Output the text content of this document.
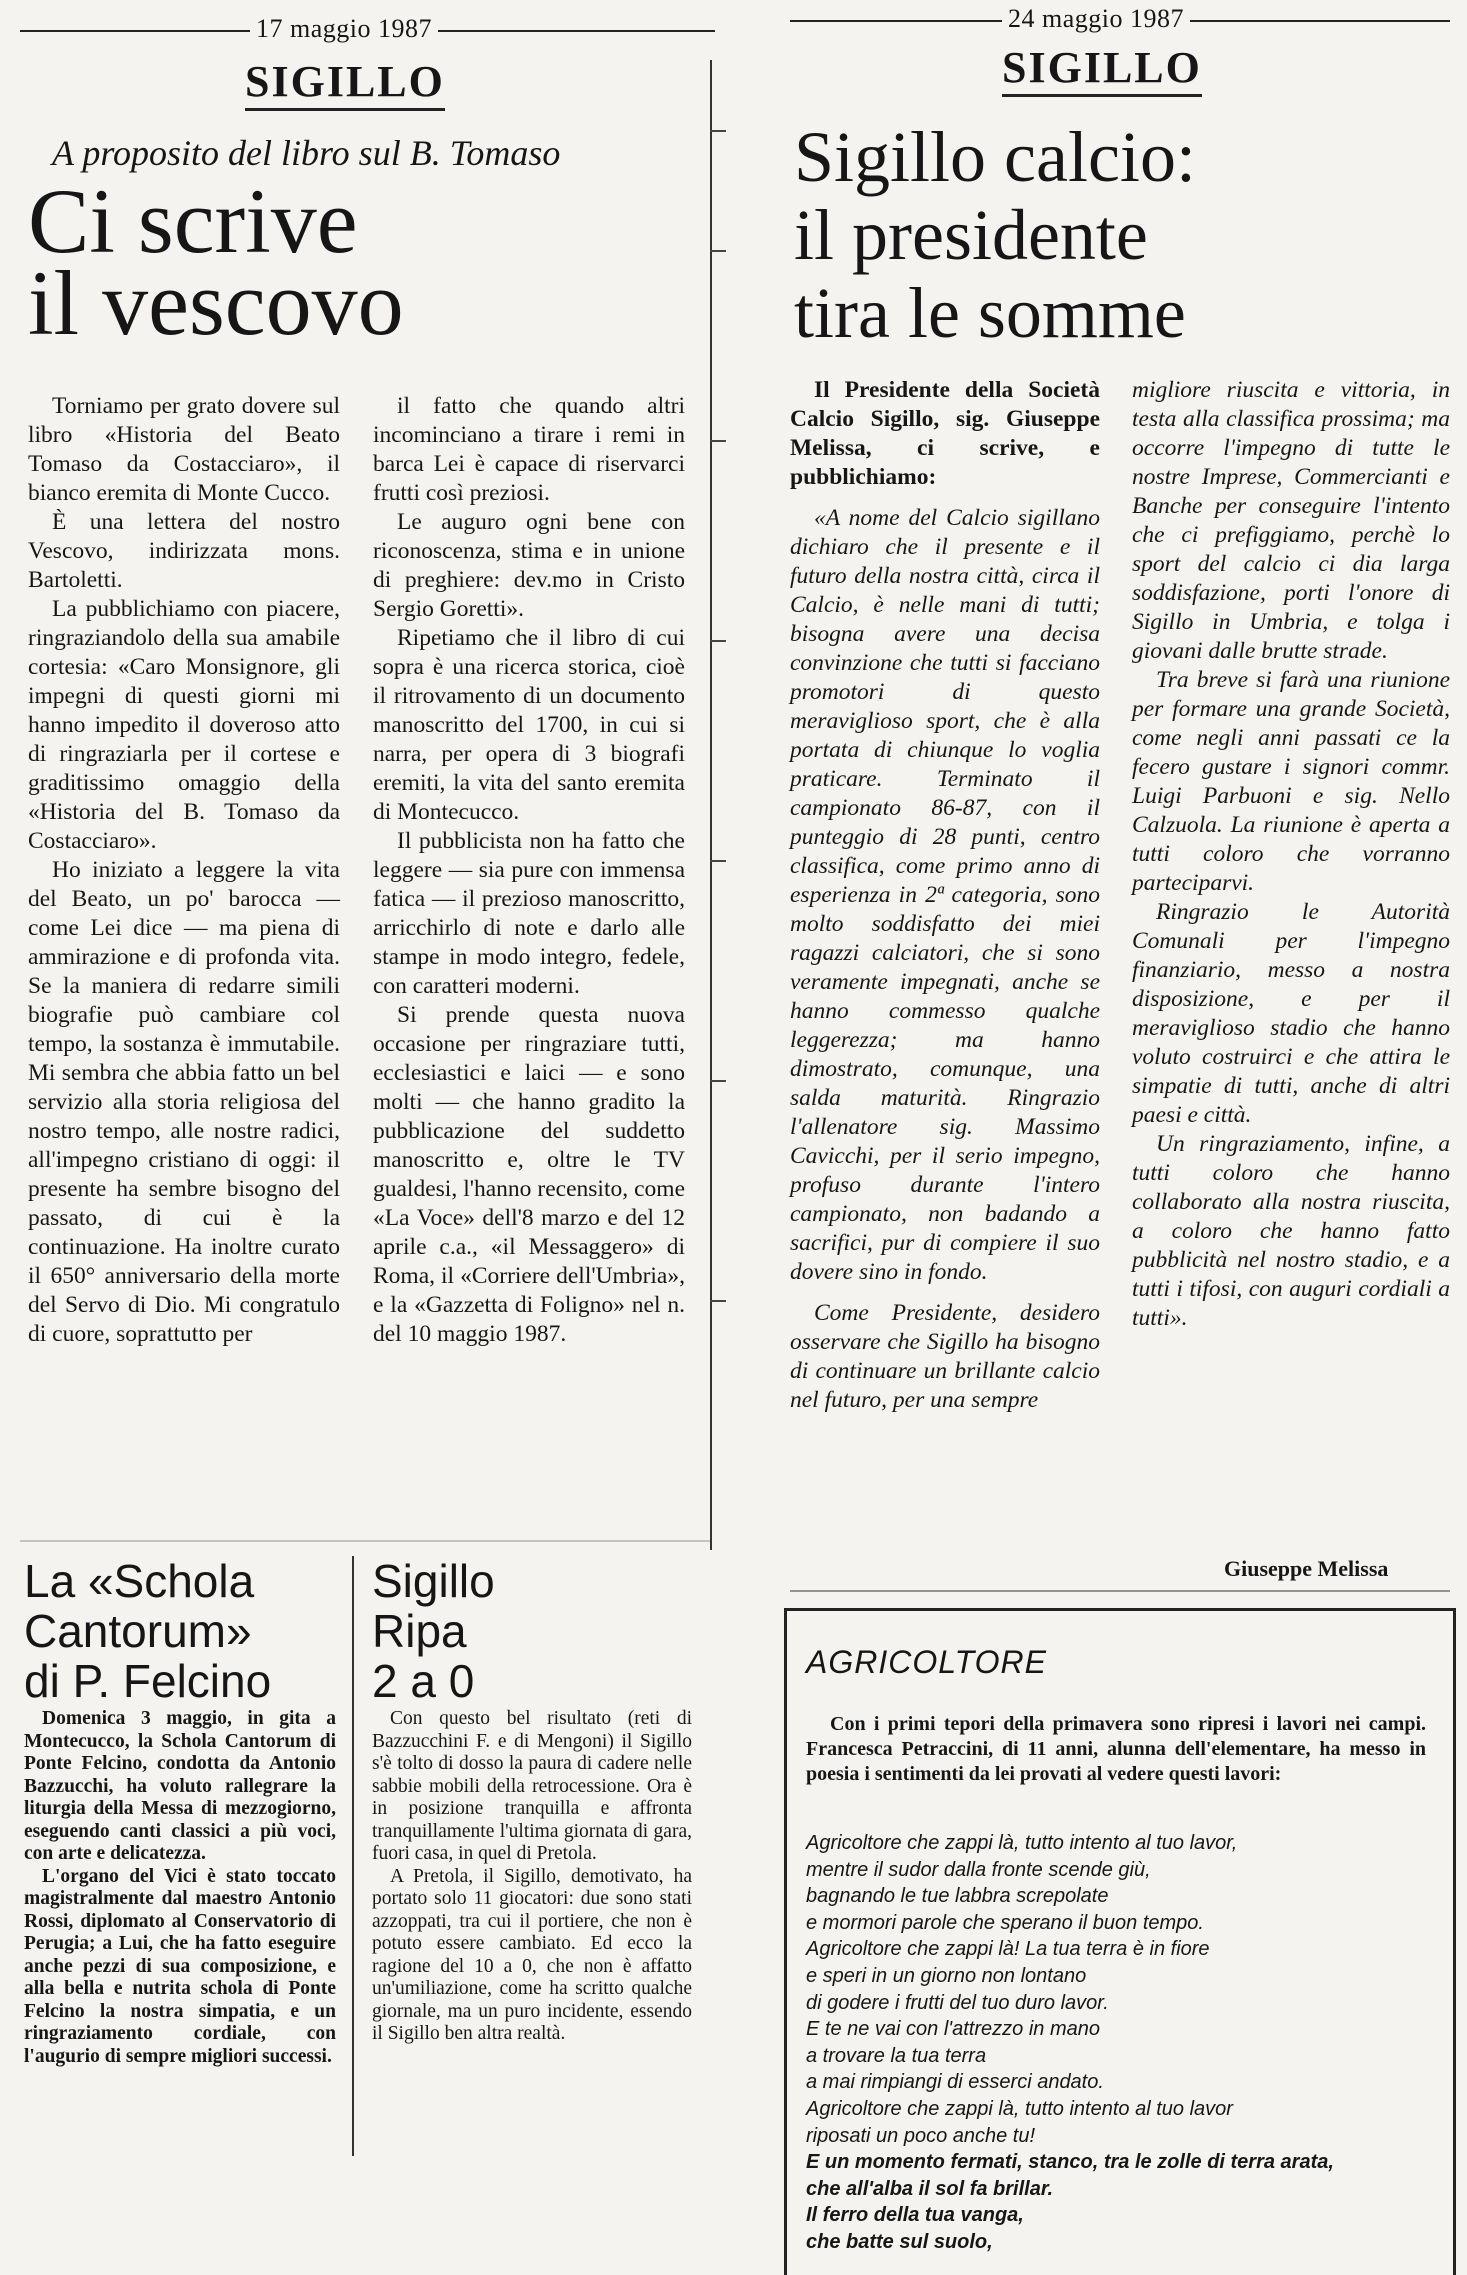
17 maggio 1987
SIGILLO
A proposito del libro sul B. Tomaso
Ci scrive
il vescovo

Torniamo per grato dovere sul libro «Historia del Beato Tomaso da Costacciaro», il bianco eremita di Monte Cucco.

È una lettera del nostro Vescovo, indirizzata mons. Bartoletti.

La pubblichiamo con piacere, ringraziandolo della sua amabile cortesia: «Caro Monsignore, gli impegni di questi giorni mi hanno impedito il doveroso atto di ringraziarla per il cortese e graditissimo omaggio della «Historia del B. Tomaso da Costacciaro».

Ho iniziato a leggere la vita del Beato, un po' barocca — come Lei dice — ma piena di ammirazione e di profonda vita. Se la maniera di redarre simili biografie può cambiare col tempo, la sostanza è immutabile. Mi sembra che abbia fatto un bel servizio alla storia religiosa del nostro tempo, alle nostre radici, all'impegno cristiano di oggi: il presente ha sembre bisogno del passato, di cui è la continuazione. Ha inoltre curato il 650° anniversario della morte del Servo di Dio. Mi congratulo di cuore, soprattutto per

il fatto che quando altri incominciano a tirare i remi in barca Lei è capace di riservarci frutti così preziosi.

Le auguro ogni bene con riconoscenza, stima e in unione di preghiere: dev.mo in Cristo Sergio Goretti».

Ripetiamo che il libro di cui sopra è una ricerca storica, cioè il ritrovamento di un documento manoscritto del 1700, in cui si narra, per opera di 3 biografi eremiti, la vita del santo eremita di Montecucco.

Il pubblicista non ha fatto che leggere — sia pure con immensa fatica — il prezioso manoscritto, arricchirlo di note e darlo alle stampe in modo integro, fedele, con caratteri moderni.

Si prende questa nuova occasione per ringraziare tutti, ecclesiastici e laici — e sono molti — che hanno gradito la pubblicazione del suddetto manoscritto e, oltre le TV gualdesi, l'hanno recensito, come «La Voce» dell'8 marzo e del 12 aprile c.a., «il Messaggero» di Roma, il «Corriere dell'Umbria», e la «Gazzetta di Foligno» nel n. del 10 maggio 1987.

La «Schola
Cantorum»
di P. Felcino

Domenica 3 maggio, in gita a Montecucco, la Schola Cantorum di Ponte Felcino, condotta da Antonio Bazzucchi, ha voluto rallegrare la liturgia della Messa di mezzogiorno, eseguendo canti classici a più voci, con arte e delicatezza.

L'organo del Vici è stato toccato magistralmente dal maestro Antonio Rossi, diplomato al Conservatorio di Perugia; a Lui, che ha fatto eseguire anche pezzi di sua composizione, e alla bella e nutrita schola di Ponte Felcino la nostra simpatia, e un ringraziamento cordiale, con l'augurio di sempre migliori successi.

Sigillo
Ripa
2 a 0

Con questo bel risultato (reti di Bazzucchini F. e di Mengoni) il Sigillo s'è tolto di dosso la paura di cadere nelle sabbie mobili della retrocessione. Ora è in posizione tranquilla e affronta tranquillamente l'ultima giornata di gara, fuori casa, in quel di Pretola.

A Pretola, il Sigillo, demotivato, ha portato solo 11 giocatori: due sono stati azzoppati, tra cui il portiere, che non è potuto essere cambiato. Ed ecco la ragione del 10 a 0, che non è affatto un'umiliazione, come ha scritto qualche giornale, ma un puro incidente, essendo il Sigillo ben altra realtà.

24 maggio 1987
SIGILLO
Sigillo calcio:
il presidente
tira le somme
Il Presidente della Società Calcio Sigillo, sig. Giuseppe Melissa, ci scrive, e pubblichiamo:

«A nome del Calcio sigillano dichiaro che il presente e il futuro della nostra città, circa il Calcio, è nelle mani di tutti; bisogna avere una decisa convinzione che tutti si facciano promotori di questo meraviglioso sport, che è alla portata di chiunque lo voglia praticare. Terminato il campionato 86-87, con il punteggio di 28 punti, centro classifica, come primo anno di esperienza in 2ª categoria, sono molto soddisfatto dei miei ragazzi calciatori, che si sono veramente impegnati, anche se hanno commesso qualche leggerezza; ma hanno dimostrato, comunque, una salda maturità. Ringrazio l'allenatore sig. Massimo Cavicchi, per il serio impegno, profuso durante l'intero campionato, non badando a sacrifici, pur di compiere il suo dovere sino in fondo.

Come Presidente, desidero osservare che Sigillo ha bisogno di continuare un brillante calcio nel futuro, per una sempre

migliore riuscita e vittoria, in testa alla classifica prossima; ma occorre l'impegno di tutte le nostre Imprese, Commercianti e Banche per conseguire l'intento che ci prefiggiamo, perchè lo sport del calcio ci dia larga soddisfazione, porti l'onore di Sigillo in Umbria, e tolga i giovani dalle brutte strade.

Tra breve si farà una riunione per formare una grande Società, come negli anni passati ce la fecero gustare i signori commr. Luigi Parbuoni e sig. Nello Calzuola. La riunione è aperta a tutti coloro che vorranno parteciparvi.

Ringrazio le Autorità Comunali per l'impegno finanziario, messo a nostra disposizione, e per il meraviglioso stadio che hanno voluto costruirci e che attira le simpatie di tutti, anche di altri paesi e città.

Un ringraziamento, infine, a tutti coloro che hanno collaborato alla nostra riuscita, a coloro che hanno fatto pubblicità nel nostro stadio, e a tutti i tifosi, con auguri cordiali a tutti».

Giuseppe Melissa
AGRICOLTORE
Con i primi tepori della primavera sono ripresi i lavori nei campi. Francesca Petraccini, di 11 anni, alunna dell'elementare, ha messo in poesia i sentimenti da lei provati al vedere questi lavori:
Agricoltore che zappi là, tutto intento al tuo lavor,
mentre il sudor dalla fronte scende giù,
bagnando le tue labbra screpolate
e mormori parole che sperano il buon tempo.
Agricoltore che zappi là! La tua terra è in fiore
e speri in un giorno non lontano
di godere i frutti del tuo duro lavor.
E te ne vai con l'attrezzo in mano
a trovare la tua terra
a mai rimpiangi di esserci andato.
Agricoltore che zappi là, tutto intento al tuo lavor
riposati un poco anche tu!
E un momento fermati, stanco, tra le zolle di terra arata,
che all'alba il sol fa brillar.
Il ferro della tua vanga,
che batte sul suolo,
